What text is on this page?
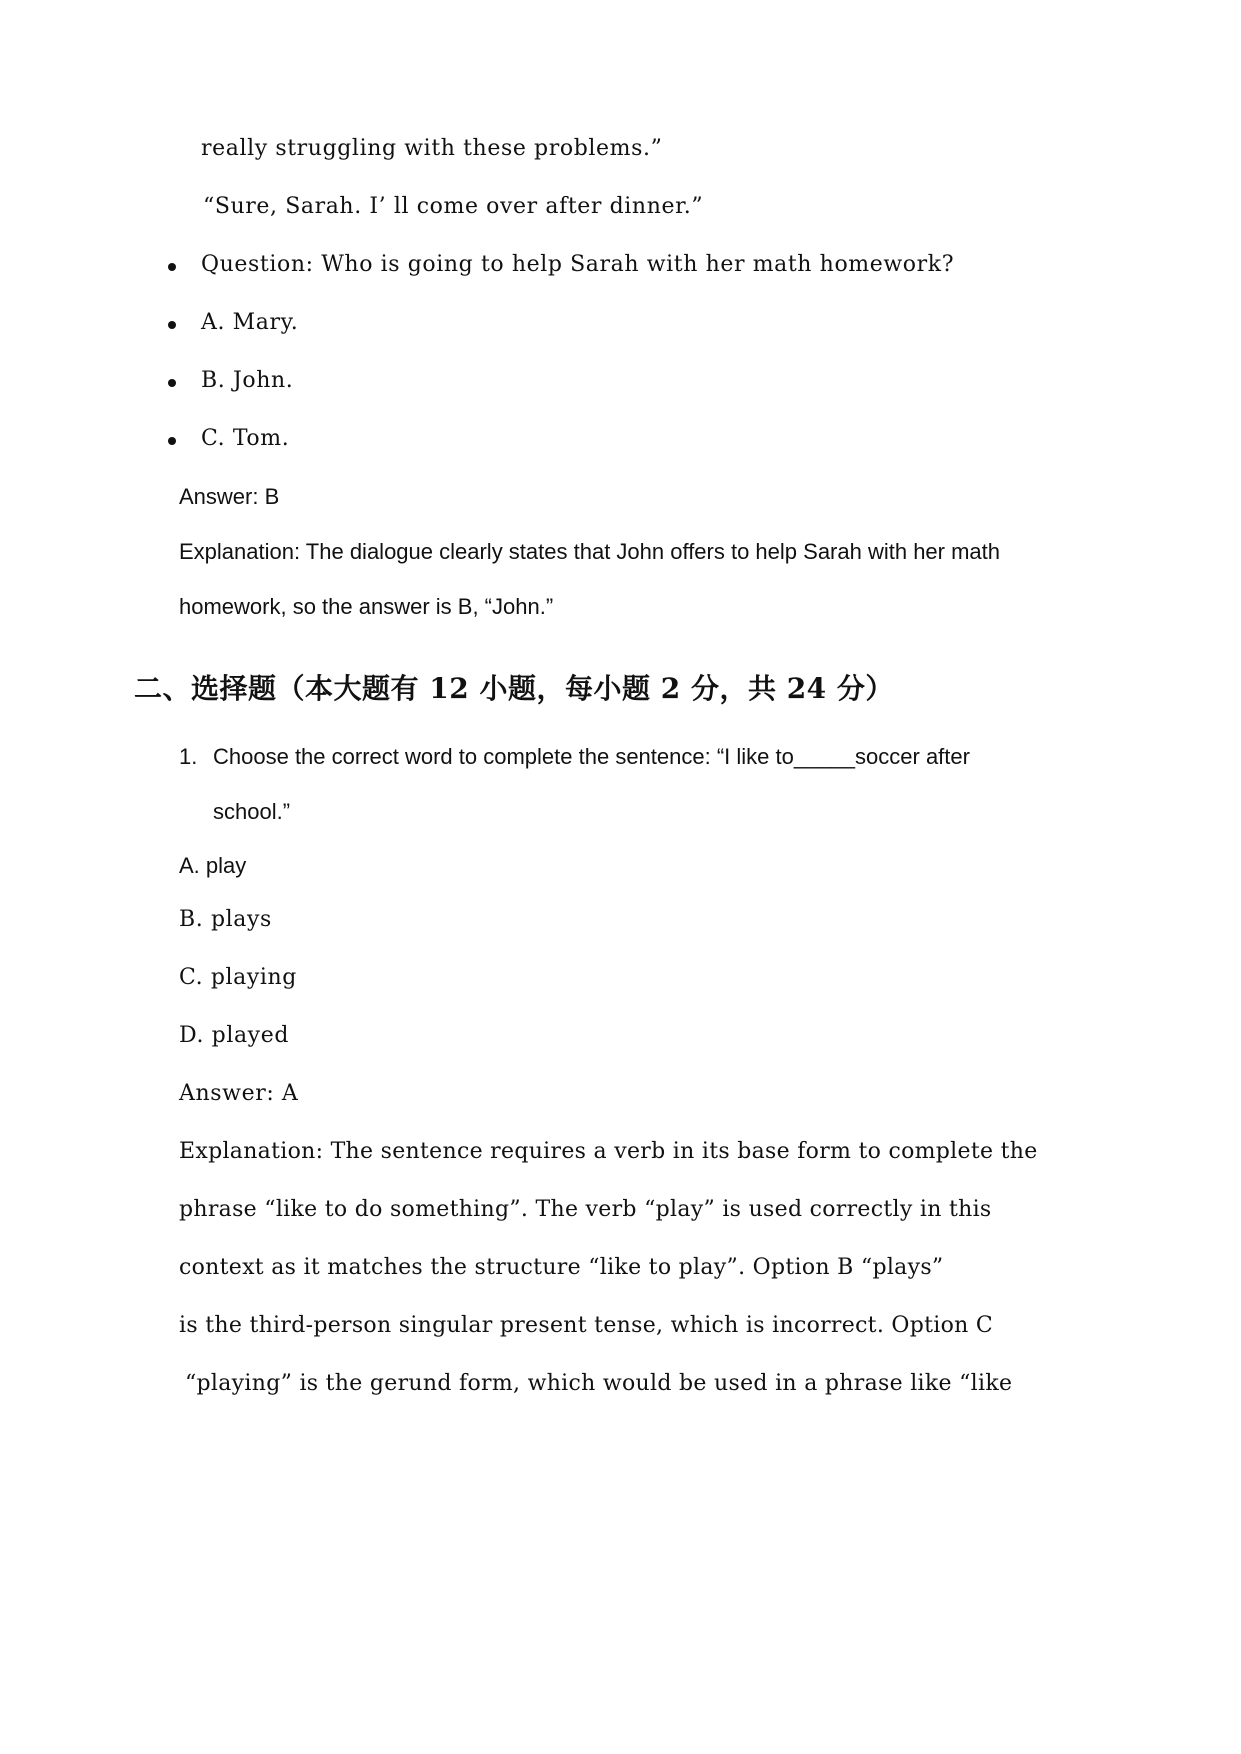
really struggling with these problems.”
“Sure, Sarah. I’ ll come over after dinner.”
Question: Who is going to help Sarah with her math homework?
A. Mary.
B. John.
C. Tom.
Answer: B
Explanation: The dialogue clearly states that John offers to help Sarah with her math
homework, so the answer is B, “John.”
二、选择题（本大题有 12 小题，每小题 2 分，共 24 分）
1. Choose the correct word to complete the sentence: “I like to_____soccer after
school.”
A. play
B. plays
C. playing
D. played
Answer: A
Explanation: The sentence requires a verb in its base form to complete the
phrase “like to do something”. The verb “play” is used correctly in this
context as it matches the structure “like to play”. Option B “plays”
is the third-person singular present tense, which is incorrect. Option C
“playing” is the gerund form, which would be used in a phrase like “like
